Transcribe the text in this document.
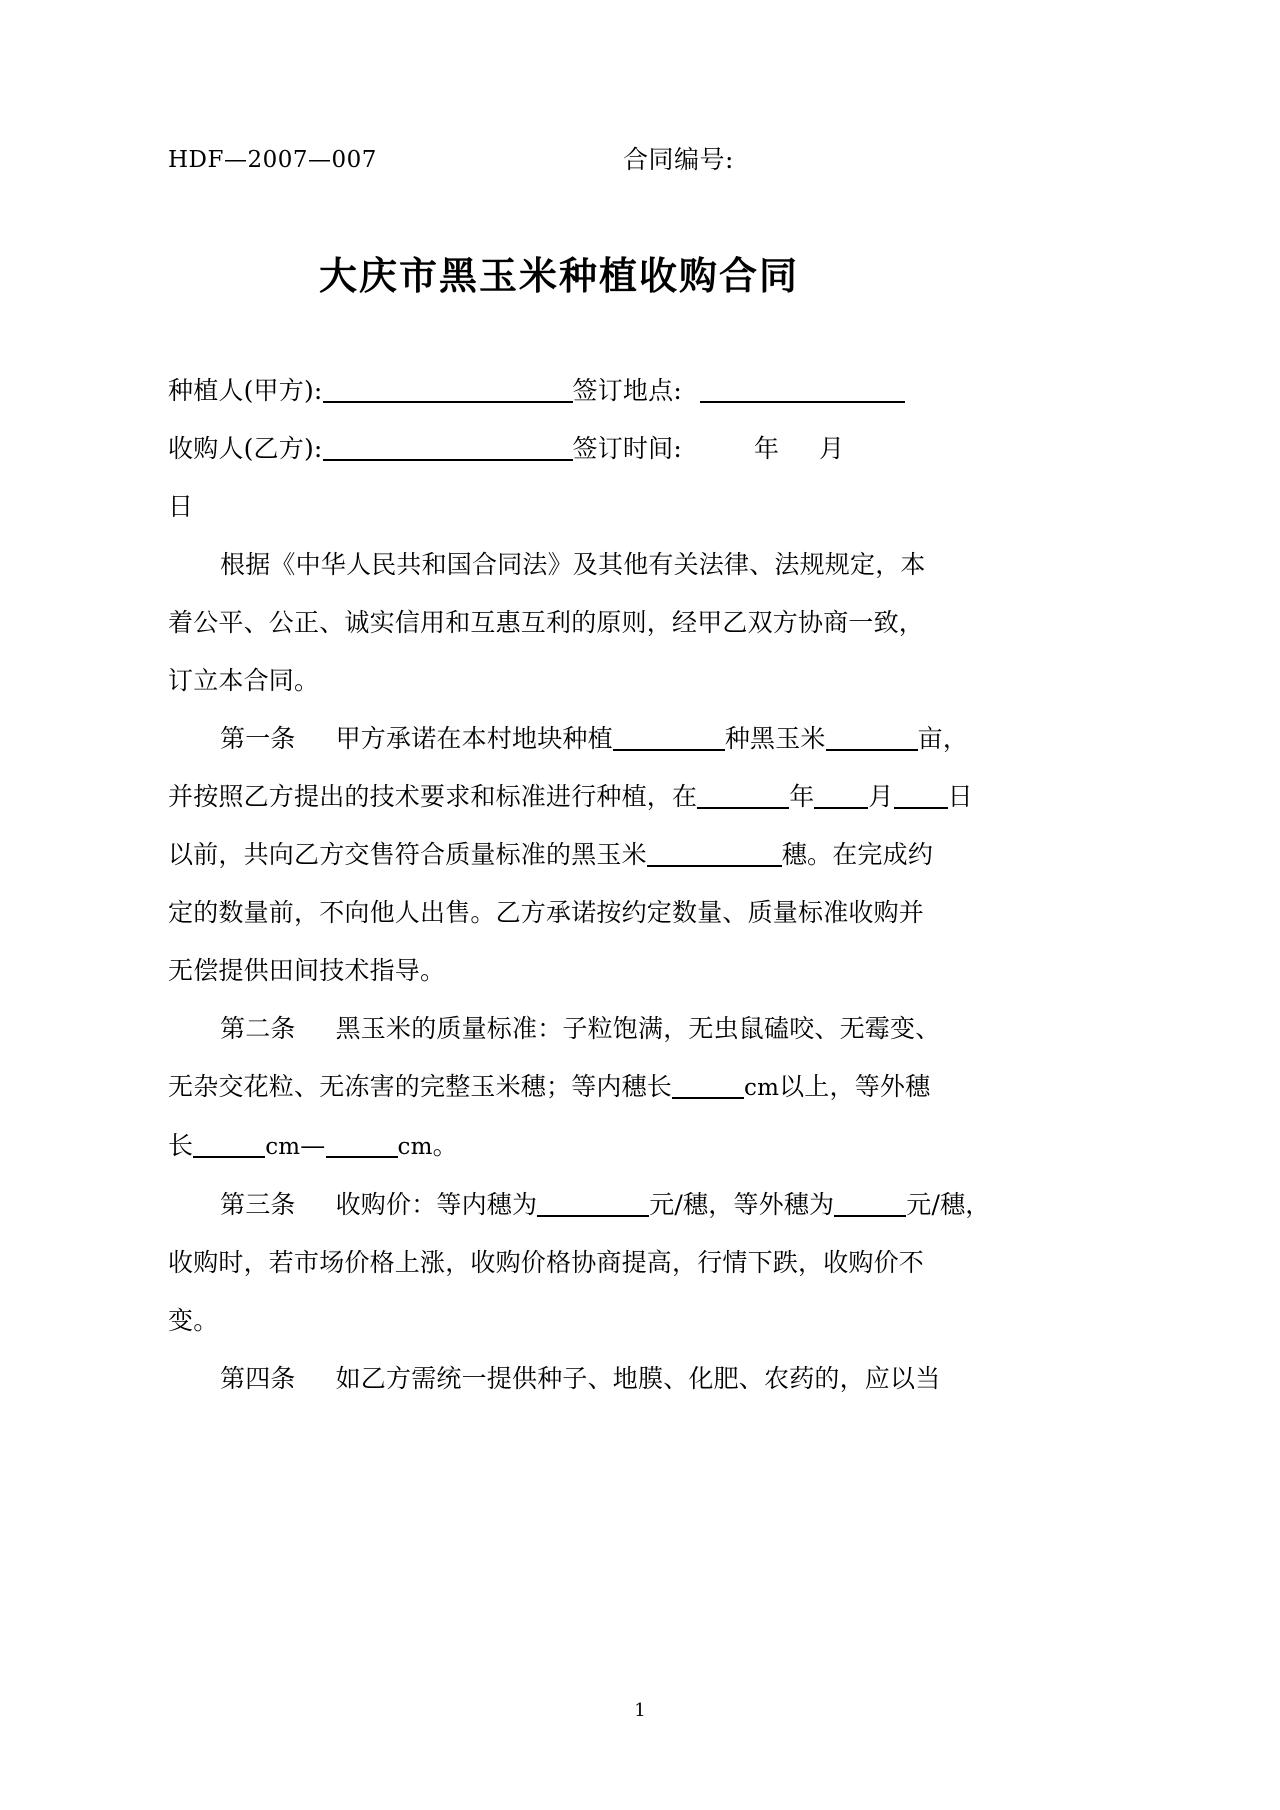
HDF—2007—007	合同编号:
大庆市黑玉米种植收购合同
种植人(甲方):	签订地点:
收购人(乙方):	签订时间:	年 月
日
根据《中华人民共和国合同法》及其他有关法律、法规规定，本
着公平、公正、诚实信用和互惠互利的原则，经甲乙双方协商一致，
订立本合同。
第一条 甲方承诺在本村地块种植	种黑玉米	亩，
并按照乙方提出的技术要求和标准进行种植，在	年 月 日
以前，共向乙方交售符合质量标准的黑玉米	穗。在完成约
定的数量前，不向他人出售。乙方承诺按约定数量、质量标准收购并
无偿提供田间技术指导。
第二条 黑玉米的质量标准：子粒饱满，无虫鼠磕咬、无霉变、
无杂交花粒、无冻害的完整玉米穗；等内穗长	cm以上，等外穗
长	cm—	cm。
第三条 收购价：等内穗为	元/穗，等外穗为	元/穗，
收购时，若市场价格上涨，收购价格协商提高，行情下跌，收购价不
变。
第四条 如乙方需统一提供种子、地膜、化肥、农药的，应以当
1
